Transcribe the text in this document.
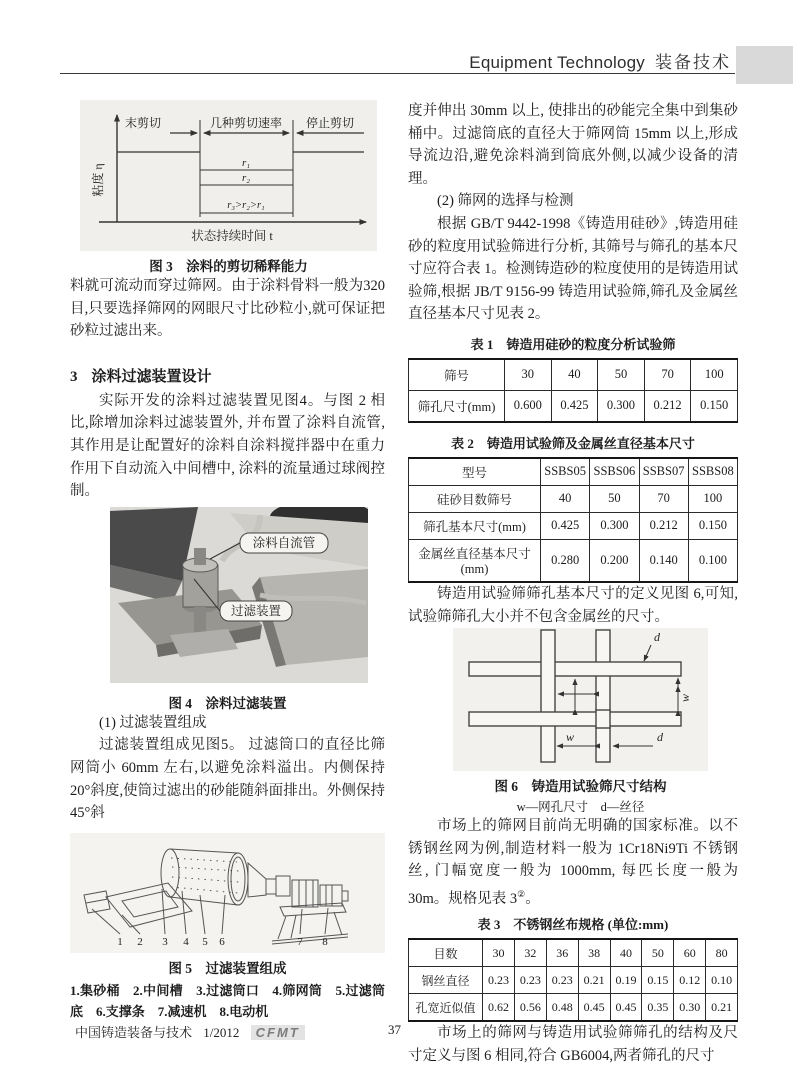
Equipment Technology 装备技术
末剪切	几种剪切速率 停止剪切
r₁
r₂
r₃>r₂>r₁
粘度 η
状态持续时间 t

图 3　涂料的剪切稀释能力

料就可流动而穿过筛网。由于涂料骨料一般为320目,只要选择筛网的网眼尺寸比砂粒小,就可保证把砂粒过滤出来。

3 涂料过滤装置设计

实际开发的涂料过滤装置见图4。与图 2 相比,除增加涂料过滤装置外, 并布置了涂料自流管,其作用是让配置好的涂料自涂料搅拌器中在重力作用下自动流入中间槽中, 涂料的流量通过球阀控制。

涂料自流管
过滤装置

图 4　涂料过滤装置

(1) 过滤装置组成

过滤装置组成见图5。 过滤筒口的直径比筛网筒小 60mm 左右,以避免涂料溢出。内侧保持 20°斜度,使筒过滤出的砂能随斜面排出。外侧保持 45°斜

1 2 3 4 5 6	7 8

图 5　过滤装置组成

1.集砂桶　2.中间槽　3.过滤筒口　4.筛网筒　5.过滤筒底　6.支撑条　7.减速机　8.电动机

度并伸出 30mm 以上, 使排出的砂能完全集中到集砂桶中。过滤筒底的直径大于筛网筒 15mm 以上,形成导流边沿,避免涂料淌到筒底外侧,以减少设备的清理。

(2) 筛网的选择与检测

根据 GB/T 9442-1998《铸造用硅砂》,铸造用硅砂的粒度用试验筛进行分析, 其筛号与筛孔的基本尺寸应符合表 1。检测铸造砂的粒度使用的是铸造用试验筛,根据 JB/T 9156-99 铸造用试验筛,筛孔及金属丝直径基本尺寸见表 2。

表 1　铸造用硅砂的粒度分析试验筛

筛号	30	40	50	70	100
筛孔尺寸(mm)	0.600	0.425	0.300	0.212	0.150

表 2　铸造用试验筛及金属丝直径基本尺寸

型号	SSBS05	SSBS06	SSBS07	SSBS08
硅砂目数筛号	40	50	70	100
筛孔基本尺寸(mm)	0.425	0.300	0.212	0.150
金属丝直径基本尺寸(mm)	0.280	0.200	0.140	0.100

铸造用试验筛筛孔基本尺寸的定义见图 6,可知,试验筛筛孔大小并不包含金属丝的尺寸。

d
w
w	d

图 6　铸造用试验筛尺寸结构

w—网孔尺寸　d—丝径

市场上的筛网目前尚无明确的国家标准。以不锈钢丝网为例,制造材料一般为 1Cr18Ni9Ti 不锈钢丝, 门幅宽度一般为 1000mm, 每匹长度一般为 30m。规格见表 3②。

表 3　不锈钢丝布规格 (单位:mm)

目数	30	32	36	38	40	50	60	80
钢丝直径	0.23	0.23	0.23	0.21	0.19	0.15	0.12	0.10
孔宽近似值	0.62	0.56	0.48	0.45	0.45	0.35	0.30	0.21

市场上的筛网与铸造用试验筛筛孔的结构及尺寸定义与图 6 相同,符合 GB6004,两者筛孔的尺寸

中国铸造装备与技术 1/2012 CFMT	37
